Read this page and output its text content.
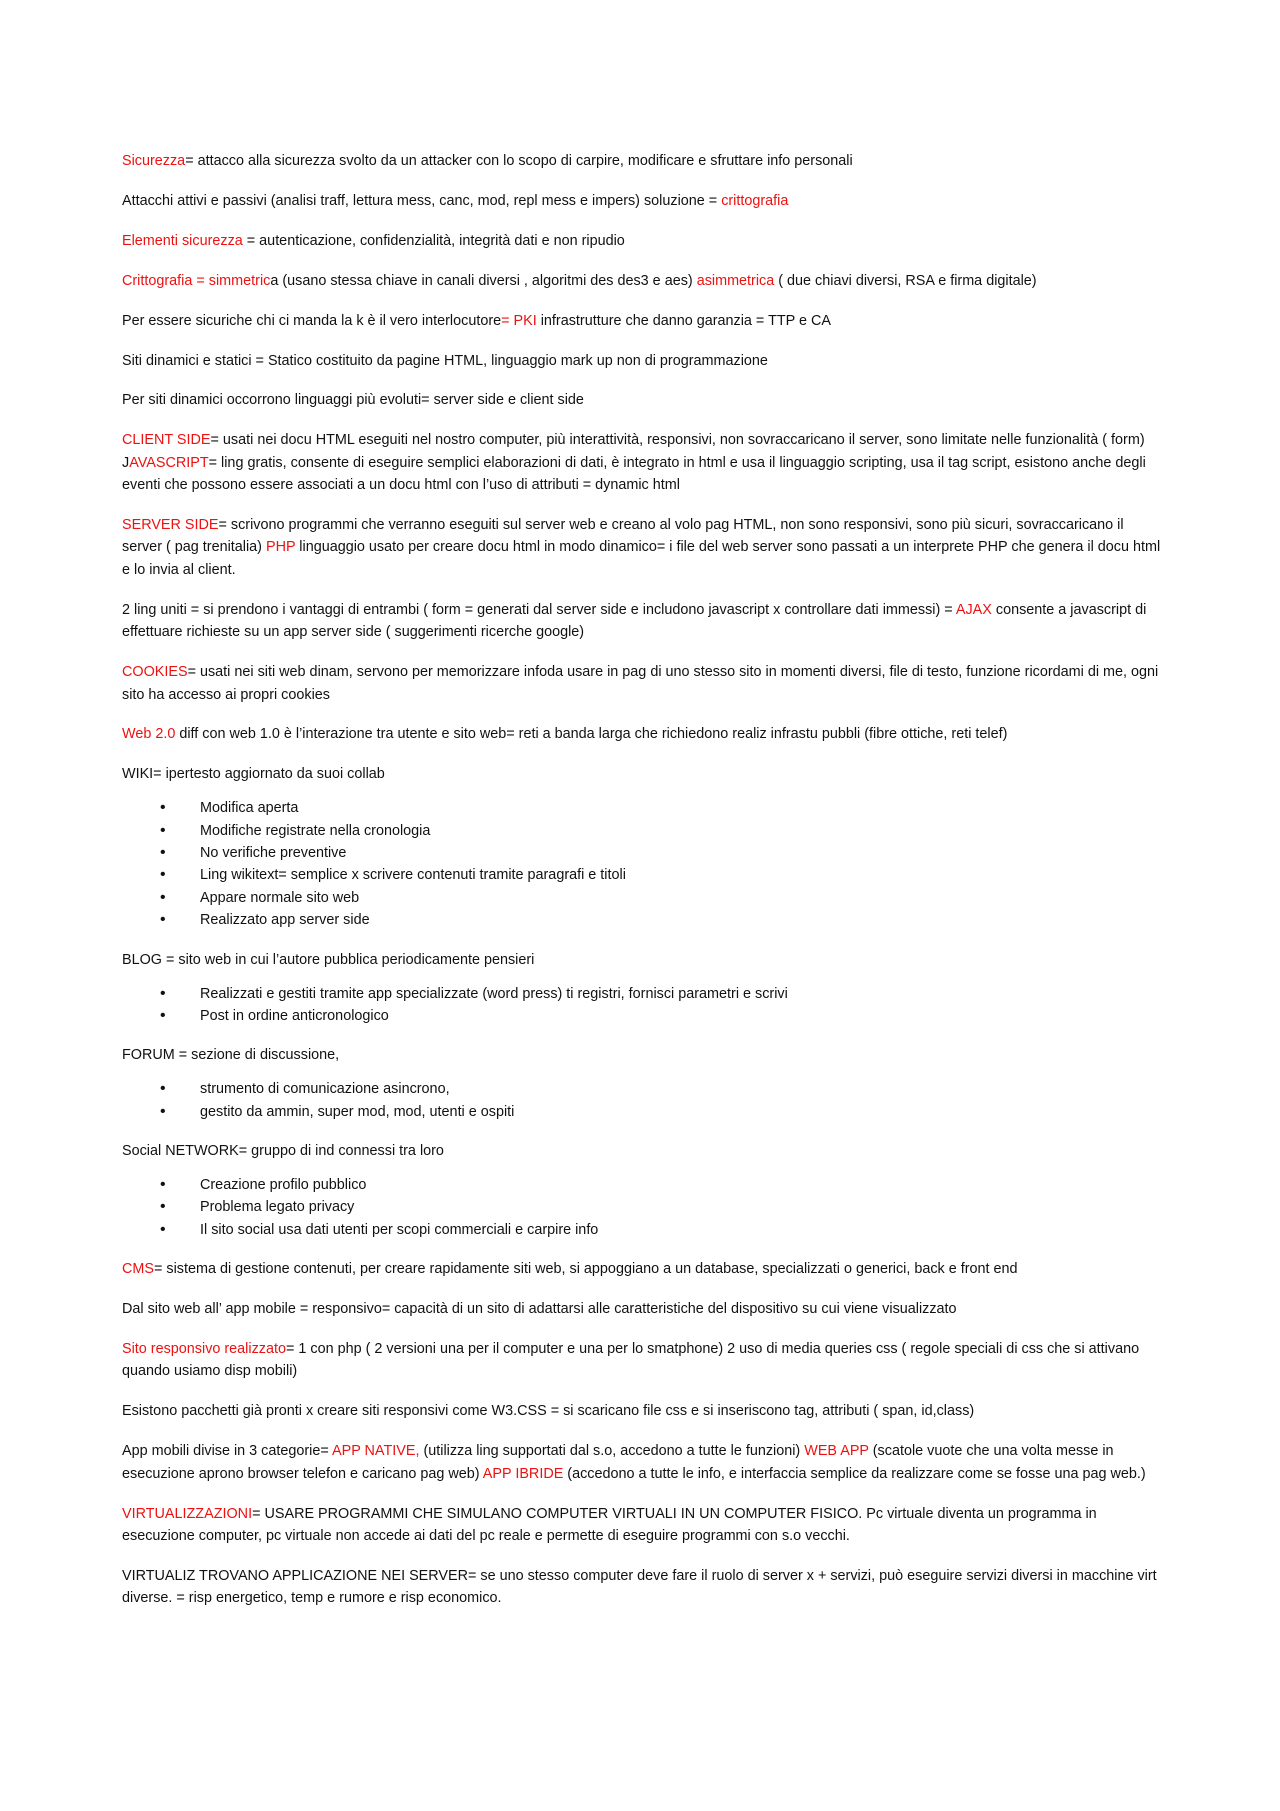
Sicurezza= attacco alla sicurezza svolto da un attacker con lo scopo di carpire, modificare e sfruttare info personali

Attacchi attivi e passivi (analisi traff, lettura mess, canc, mod, repl mess e impers) soluzione = crittografia

Elementi sicurezza = autenticazione, confidenzialità, integrità dati e non ripudio

Crittografia = simmetrica (usano stessa chiave in canali diversi , algoritmi des des3 e aes) asimmetrica ( due chiavi diversi, RSA e firma digitale)

Per essere sicuriche chi ci manda la k è il vero interlocutore= PKI infrastrutture che danno garanzia = TTP e CA

Siti dinamici e statici = Statico costituito da pagine HTML, linguaggio mark up non di programmazione

Per siti dinamici occorrono linguaggi più evoluti= server side e client side

CLIENT SIDE= usati nei docu HTML eseguiti nel nostro computer, più interattività, responsivi, non sovraccaricano il server, sono limitate nelle funzionalità ( form) JAVASCRIPT= ling gratis, consente di eseguire semplici elaborazioni di dati, è integrato in html e usa il linguaggio scripting, usa il tag script, esistono anche degli eventi che possono essere associati a un docu html con l’uso di attributi = dynamic html

SERVER SIDE= scrivono programmi che verranno eseguiti sul server web e creano al volo pag HTML, non sono responsivi, sono più sicuri, sovraccaricano il server ( pag trenitalia) PHP linguaggio usato per creare docu html in modo dinamico= i file del web server sono passati a un interprete PHP che genera il docu html e lo invia al client.

2 ling uniti = si prendono i vantaggi di entrambi ( form = generati dal server side e includono javascript x controllare dati immessi) = AJAX consente a javascript di effettuare richieste su un app server side ( suggerimenti ricerche google)

COOKIES= usati nei siti web dinam, servono per memorizzare infoda usare in pag di uno stesso sito in momenti diversi, file di testo, funzione ricordami di me, ogni sito ha accesso ai propri cookies

Web 2.0 diff con web 1.0 è l’interazione tra utente e sito web= reti a banda larga che richiedono realiz infrastu pubbli (fibre ottiche, reti telef)

WIKI= ipertesto aggiornato da suoi collab

• Modifica aperta
• Modifiche registrate nella cronologia
• No verifiche preventive
• Ling wikitext= semplice x scrivere contenuti tramite paragrafi e titoli
• Appare normale sito web
• Realizzato app server side

BLOG = sito web in cui l’autore pubblica periodicamente pensieri

• Realizzati e gestiti tramite app specializzate (word press) ti registri, fornisci parametri e scrivi
• Post in ordine anticronologico

FORUM = sezione di discussione,

• strumento di comunicazione asincrono,
• gestito da ammin, super mod, mod, utenti e ospiti

Social NETWORK= gruppo di ind connessi tra loro

• Creazione profilo pubblico
• Problema legato privacy
• Il sito social usa dati utenti per scopi commerciali e carpire info

CMS= sistema di gestione contenuti, per creare rapidamente siti web, si appoggiano a un database, specializzati o generici, back e front end

Dal sito web all’ app mobile = responsivo= capacità di un sito di adattarsi alle caratteristiche del dispositivo su cui viene visualizzato

Sito responsivo realizzato= 1 con php ( 2 versioni una per il computer e una per lo smatphone) 2 uso di media queries css ( regole speciali di css che si attivano quando usiamo disp mobili)

Esistono pacchetti già pronti x creare siti responsivi come W3.CSS = si scaricano file css e si inseriscono tag, attributi ( span, id,class)

App mobili divise in 3 categorie= APP NATIVE, (utilizza ling supportati dal s.o, accedono a tutte le funzioni) WEB APP (scatole vuote che una volta messe in esecuzione aprono browser telefon e caricano pag web) APP IBRIDE (accedono a tutte le info, e interfaccia semplice da realizzare come se fosse una pag web.)

VIRTUALIZZAZIONI= USARE PROGRAMMI CHE SIMULANO COMPUTER VIRTUALI IN UN COMPUTER FISICO. Pc virtuale diventa un programma in esecuzione computer, pc virtuale non accede ai dati del pc reale e permette di eseguire programmi con s.o vecchi.

VIRTUALIZ TROVANO APPLICAZIONE NEI SERVER= se uno stesso computer deve fare il ruolo di server x + servizi, può eseguire servizi diversi in macchine virt diverse. = risp energetico, temp e rumore e risp economico.
